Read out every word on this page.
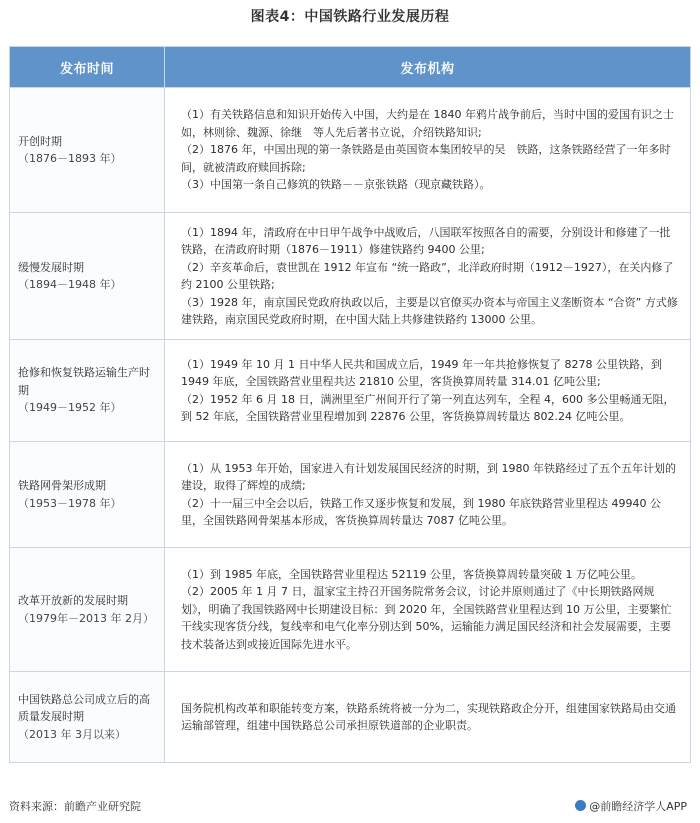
图表4：中国铁路行业发展历程
发布时间	发布机构

开创时期
（1876－1893 年）	（1）有关铁路信息和知识开始传入中国，大约是在 1840 年鸦片战争前后，当时中国的爱国有识之士如，林则徐、魏源、徐继　等人先后著书立说，介绍铁路知识;
（2）1876 年，中国出现的第一条铁路是由英国资本集团较早的吴　铁路，这条铁路经营了一年多时间，就被清政府赎回拆除;
（3）中国第一条自己修筑的铁路－－京张铁路（现京藏铁路）。

缓慢发展时期
（1894－1948 年）	（1）1894 年，清政府在中日甲午战争中战败后，八国联军按照各自的需要，分别设计和修建了一批铁路，在清政府时期（1876－1911）修建铁路约 9400 公里;
（2）辛亥革命后，袁世凯在 1912 年宣布 “统一路政”，北洋政府时期（1912－1927），在关内修了约 2100 公里铁路;
（3）1928 年，南京国民党政府执政以后，主要是以官僚买办资本与帝国主义垄断资本 “合资” 方式修建铁路，南京国民党政府时期，在中国大陆上共修建铁路约 13000 公里。

抢修和恢复铁路运输生产时期
（1949－1952 年）	（1）1949 年 10 月 1 日中华人民共和国成立后，1949 年一年共抢修恢复了 8278 公里铁路，到 1949 年底，全国铁路营业里程共达 21810 公里，客货换算周转量 314.01 亿吨公里;
（2）1952 年 6 月 18 日，满洲里至广州间开行了第一列直达列车，全程 4，600 多公里畅通无阻，到 52 年底，全国铁路营业里程增加到 22876 公里，客货换算周转量达 802.24 亿吨公里。

铁路网骨架形成期
（1953－1978 年）	（1）从 1953 年开始，国家进入有计划发展国民经济的时期，到 1980 年铁路经过了五个五年计划的建设，取得了辉煌的成绩;
（2）十一届三中全会以后，铁路工作又逐步恢复和发展，到 1980 年底铁路营业里程达 49940 公里，全国铁路网骨架基本形成，客货换算周转量达 7087 亿吨公里。

改革开放新的发展时期
（1979年－2013 年 2月）	（1）到 1985 年底，全国铁路营业里程达 52119 公里，客货换算周转量突破 1 万亿吨公里。
（2）2005 年 1 月 7 日，温家宝主持召开国务院常务会议，讨论并原则通过了《中长期铁路网规划》，明确了我国铁路网中长期建设目标：到 2020 年，全国铁路营业里程达到 10 万公里，主要繁忙干线实现客货分线，复线率和电气化率分别达到 50%，运输能力满足国民经济和社会发展需要，主要技术装备达到或接近国际先进水平。

中国铁路总公司成立后的高质量发展时期
（2013 年 3月以来）	国务院机构改革和职能转变方案，铁路系统将被一分为二，实现铁路政企分开，组建国家铁路局由交通运输部管理，组建中国铁路总公司承担原铁道部的企业职责。
资料来源：前瞻产业研究院	@前瞻经济学人APP
